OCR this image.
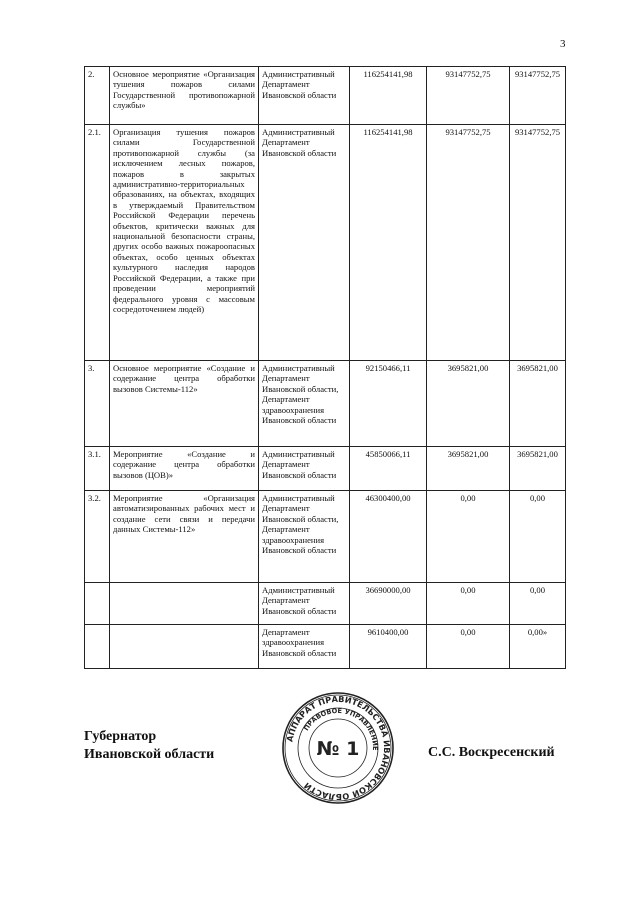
3
2.	Основное мероприятие «Организация тушения пожаров силами Государственной противопожарной службы»	Административный Департамент Ивановской области	116254141,98	93147752,75	93147752,75
2.1.	Организация тушения пожаров силами Государственной противопожарной службы (за исключением лесных пожаров, пожаров в закрытых административно-территориальных образованиях, на объектах, входящих в утверждаемый Правительством Российской Федерации перечень объектов, критически важных для национальной безопасности страны, других особо важных пожароопасных объектах, особо ценных объектах культурного наследия народов Российской Федерации, а также при проведении мероприятий федерального уровня с массовым сосредоточением людей)	Административный Департамент Ивановской области	116254141,98	93147752,75	93147752,75
3.	Основное мероприятие «Создание и содержание центра обработки вызовов Системы-112»	Административный Департамент Ивановской области, Департамент здравоохранения Ивановской области	92150466,11	3695821,00	3695821,00
3.1.	Мероприятие «Создание и содержание центра обработки вызовов (ЦОВ)»	Административный Департамент Ивановской области	45850066,11	3695821,00	3695821,00
3.2.	Мероприятие «Организация автоматизированных рабочих мест и создание сети связи и передачи данных Системы-112»	Административный Департамент Ивановской области, Департамент здравоохранения Ивановской области	46300400,00	0,00	0,00
		Административный Департамент Ивановской области	36690000,00	0,00	0,00
		Департамент здравоохранения Ивановской области	9610400,00	0,00	0,00»
Губернатор
Ивановской области
АППАРАТ ПРАВИТЕЛЬСТВА ИВАНОВСКОЙ ОБЛАСТИ
ПРАВОВОЕ УПРАВЛЕНИЕ
№ 1	С.С. Воскресенский
